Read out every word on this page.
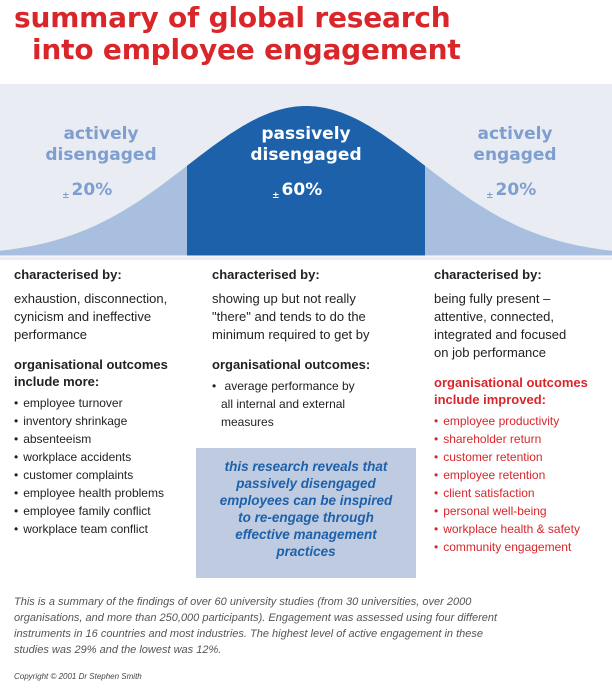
summary of global research
into employee engagement
actively
disengaged
± 20%
passively
disengaged
± 60%
actively
engaged
± 20%
characterised by:

exhaustion, disconnection,
cynicism and ineffective
performance

organisational outcomes
include more:
• employee turnover
• inventory shrinkage
• absenteeism
• workplace accidents
• customer complaints
• employee health problems
• employee family conflict
• workplace team conflict
characterised by:

showing up but not really
"there" and tends to do the
minimum required to get by

organisational outcomes:
• average performance by
all internal and external
measures
characterised by:

being fully present –
attentive, connected,
integrated and focused
on job performance

organisational outcomes
include improved:
• employee productivity
• shareholder return
• customer retention
• employee retention
• client satisfaction
• personal well-being
• workplace health & safety
• community engagement
this research reveals that
passively disengaged
employees can be inspired
to re-engage through
effective management
practices

This is a summary of the findings of over 60 university studies (from 30 universities, over 2000
organisations, and more than 250,000 participants). Engagement was assessed using four different
instruments in 16 countries and most industries. The highest level of active engagement in these
studies was 29% and the lowest was 12%.

Copyright © 2001 Dr Stephen Smith
